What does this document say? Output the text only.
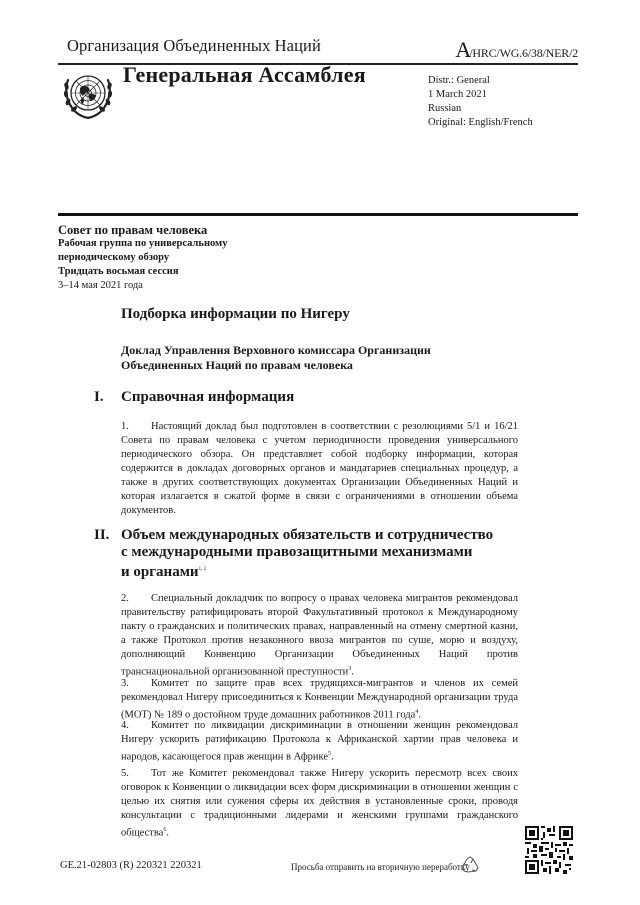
Организация Объединенных Наций	A/HRC/WG.6/38/NER/2
Генеральная Ассамблея	Distr.: General
1 March 2021
Russian
Original: English/French
Совет по правам человека
Рабочая группа по универсальному
периодическому обзору
Тридцать восьмая сессия
3–14 мая 2021 года
Подборка информации по Нигеру
Доклад Управления Верховного комиссара Организации Объединенных Наций по правам человека
I. Справочная информация
1. Настоящий доклад был подготовлен в соответствии с резолюциями 5/1 и 16/21 Совета по правам человека с учетом периодичности проведения универсального периодического обзора. Он представляет собой подборку информации, которая содержится в докладах договорных органов и мандатариев специальных процедур, а также в других соответствующих документах Организации Объединенных Наций и которая излагается в сжатой форме в связи с ограничениями в отношении объема документов.
II. Объем международных обязательств и сотрудничество
с международными правозащитными механизмами
и органами$^{1, 2}$
2. Специальный докладчик по вопросу о правах человека мигрантов рекомендовал правительству ратифицировать второй Факультативный протокол к Международному пакту о гражданских и политических правах, направленный на отмену смертной казни, а также Протокол против незаконного ввоза мигрантов по суше, морю и воздуху, дополняющий Конвенцию Организации Объединенных Наций против транснациональной организованной преступности$^3$.
3. Комитет по защите прав всех трудящихся-мигрантов и членов их семей рекомендовал Нигеру присоединиться к Конвенции Международной организации труда (МОТ) № 189 о достойном труде домашних работников 2011 года$^4$.
4. Комитет по ликвидации дискриминации в отношении женщин рекомендовал Нигеру ускорить ратификацию Протокола к Африканской хартии прав человека и народов, касающегося прав женщин в Африке$^5$.
5. Тот же Комитет рекомендовал также Нигеру ускорить пересмотр всех своих оговорок к Конвенции о ликвидации всех форм дискриминации в отношении женщин с целью их снятия или сужения сферы их действия в установленные сроки, проводя консультации с традиционными лидерами и женскими группами гражданского общества$^6$.
GE.21-02803 (R) 220321 220321	Просьба отправить на вторичную переработку
